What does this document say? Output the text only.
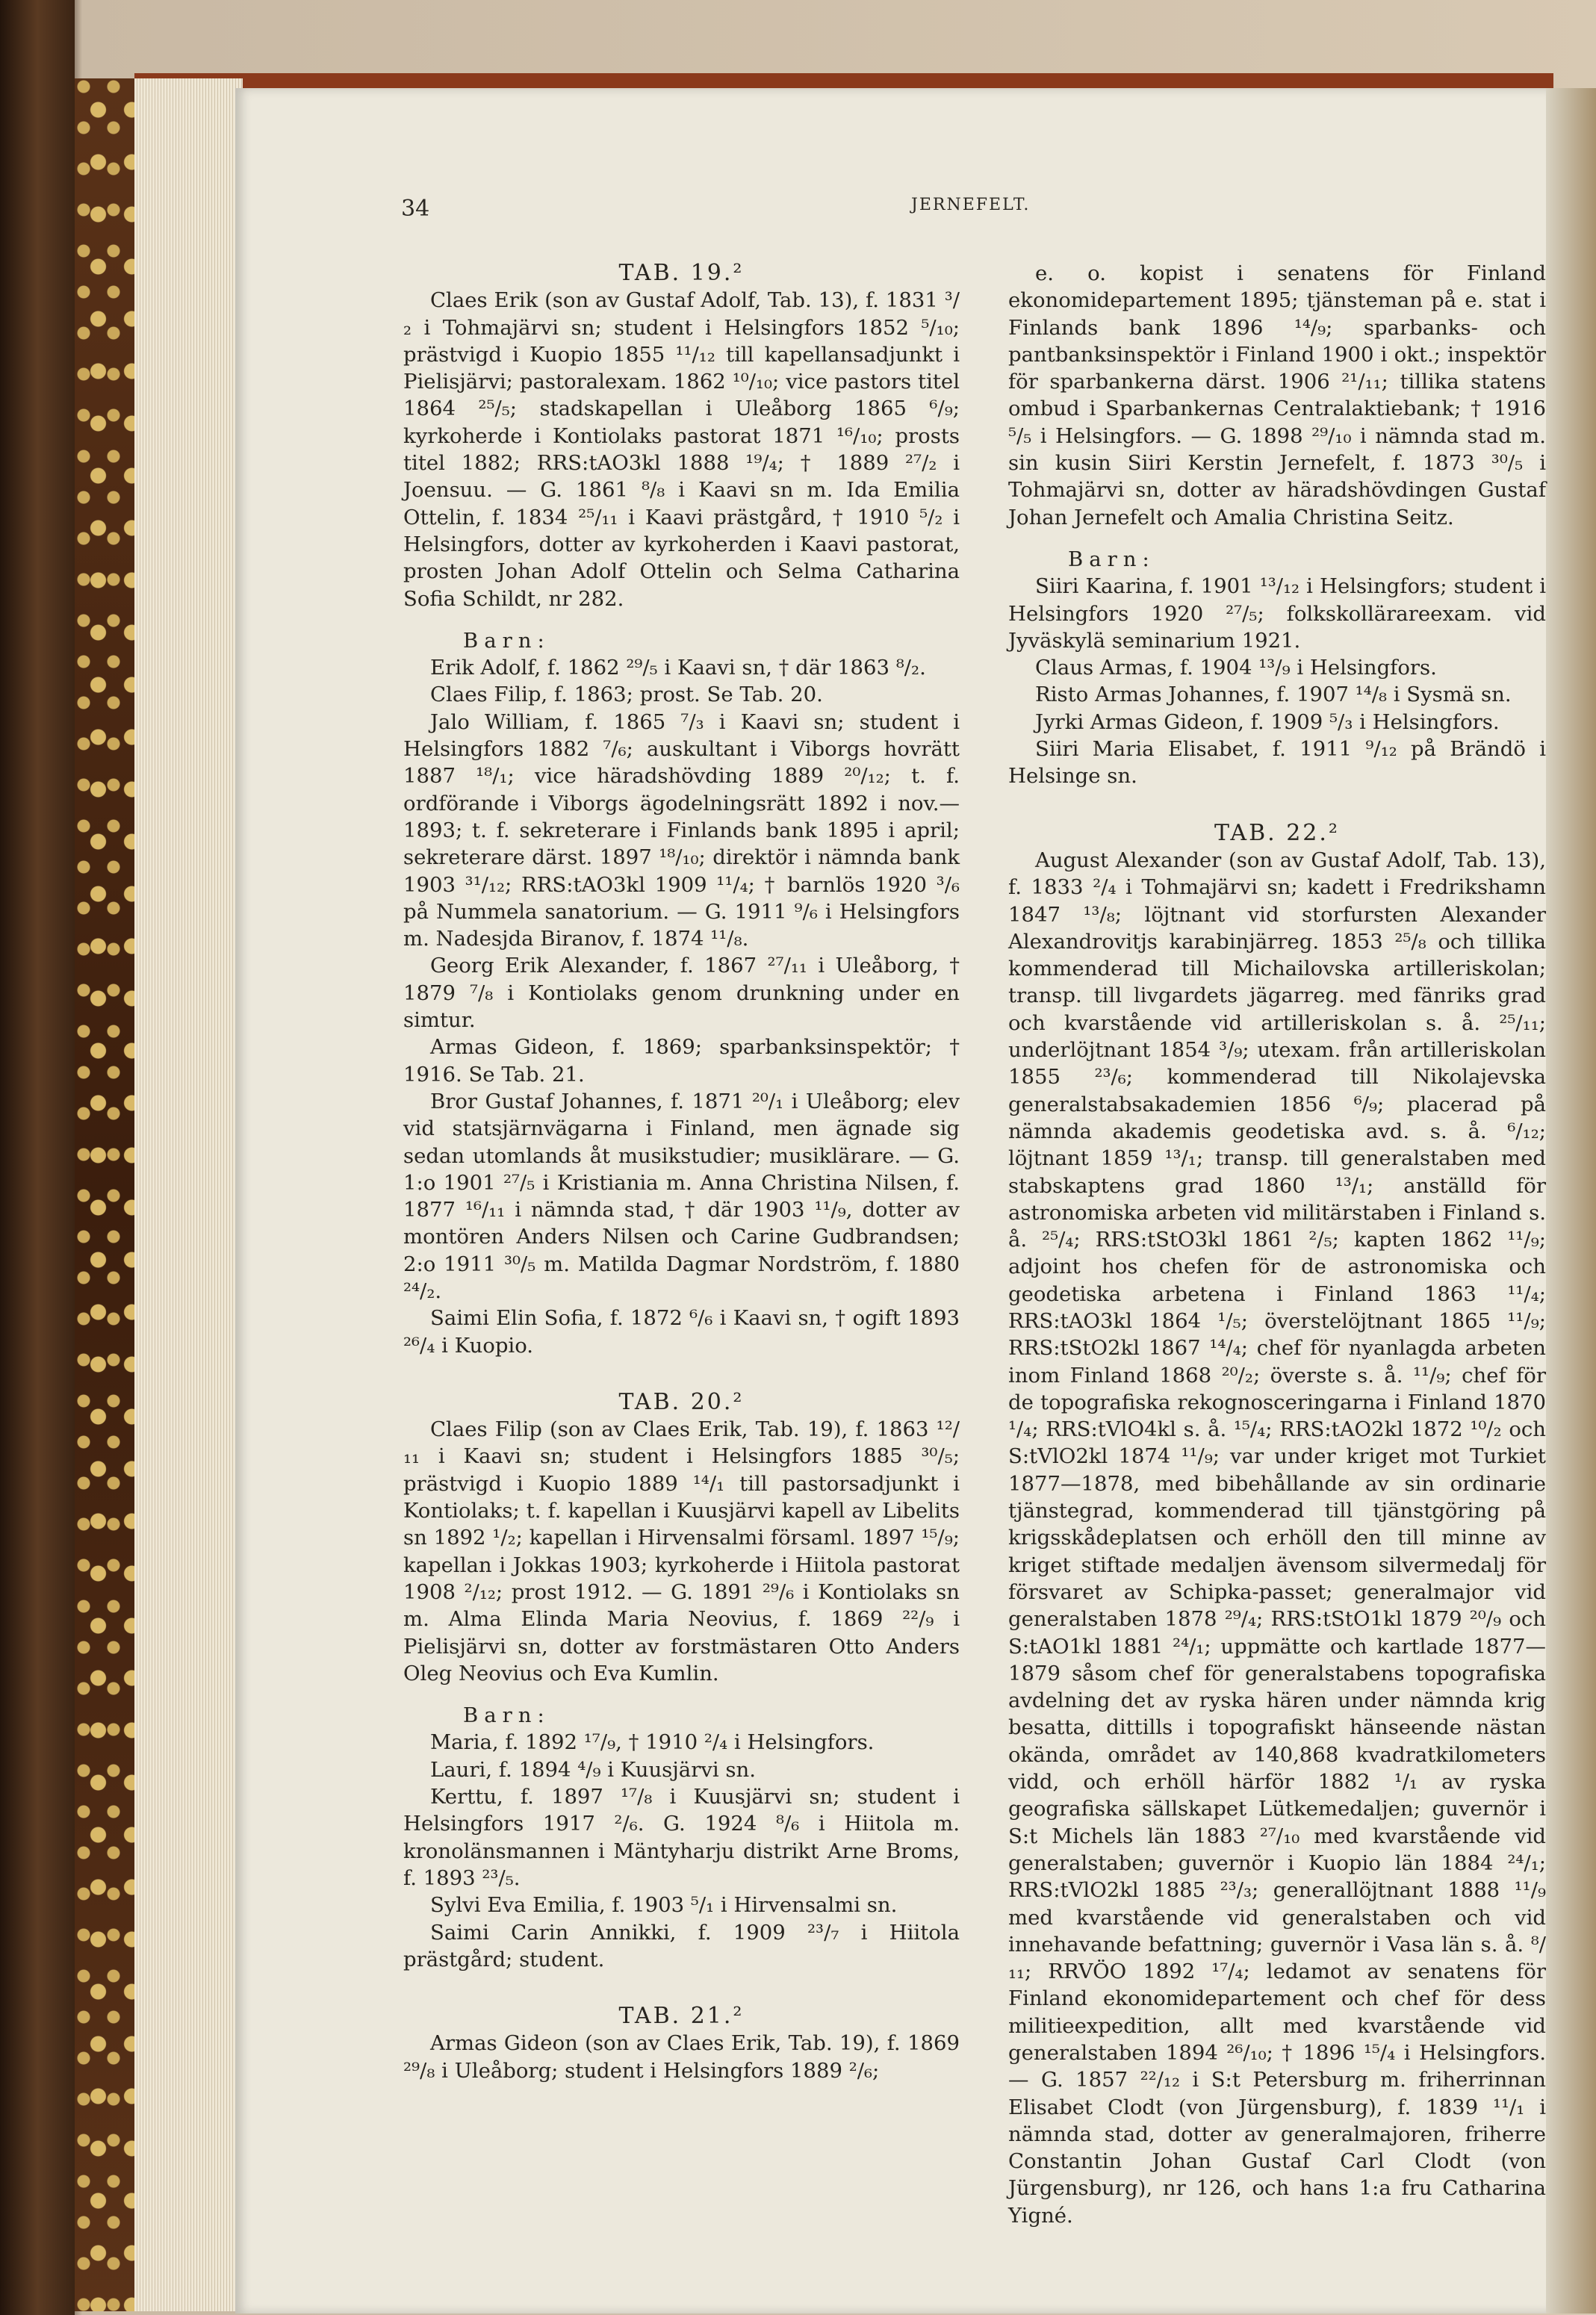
34	JERNEFELT.

TAB. 19.²

Claes Erik (son av Gustaf Adolf, Tab. 13), f. 1831 ³/₂ i Tohmajärvi sn; student i Helsingfors 1852 ⁵/₁₀; prästvigd i Kuopio 1855 ¹¹/₁₂ till kapellansadjunkt i Pielisjärvi; pastoralexam. 1862 ¹⁰/₁₀; vice pastors titel 1864 ²⁵/₅; stadskapellan i Uleåborg 1865 ⁶/₉; kyrkoherde i Kontiolaks pastorat 1871 ¹⁶/₁₀; prosts titel 1882; RRS:tAO3kl 1888 ¹⁹/₄; † 1889 ²⁷/₂ i Joensuu. — G. 1861 ⁸/₈ i Kaavi sn m. Ida Emilia Ottelin, f. 1834 ²⁵/₁₁ i Kaavi prästgård, † 1910 ⁵/₂ i Helsingfors, dotter av kyrkoherden i Kaavi pastorat, prosten Johan Adolf Ottelin och Selma Catharina Sofia Schildt, nr 282.

Barn:

Erik Adolf, f. 1862 ²⁹/₅ i Kaavi sn, † där 1863 ⁸/₂.

Claes Filip, f. 1863; prost. Se Tab. 20.

Jalo William, f. 1865 ⁷/₃ i Kaavi sn; student i Helsingfors 1882 ⁷/₆; auskultant i Viborgs hovrätt 1887 ¹⁸/₁; vice häradshövding 1889 ²⁰/₁₂; t. f. ordförande i Viborgs ägodelningsrätt 1892 i nov.— 1893; t. f. sekreterare i Finlands bank 1895 i april; sekreterare därst. 1897 ¹⁸/₁₀; direktör i nämnda bank 1903 ³¹/₁₂; RRS:tAO3kl 1909 ¹¹/₄; † barnlös 1920 ³/₆ på Nummela sanatorium. — G. 1911 ⁹/₆ i Helsingfors m. Nadesjda Biranov, f. 1874 ¹¹/₈.

Georg Erik Alexander, f. 1867 ²⁷/₁₁ i Uleåborg, † 1879 ⁷/₈ i Kontiolaks genom drunkning under en simtur.

Armas Gideon, f. 1869; sparbanksinspektör; † 1916. Se Tab. 21.

Bror Gustaf Johannes, f. 1871 ²⁰/₁ i Uleåborg; elev vid statsjärnvägarna i Finland, men ägnade sig sedan utomlands åt musikstudier; musiklärare. — G. 1:o 1901 ²⁷/₅ i Kristiania m. Anna Christina Nilsen, f. 1877 ¹⁶/₁₁ i nämnda stad, † där 1903 ¹¹/₉, dotter av montören Anders Nilsen och Carine Gudbrandsen; 2:o 1911 ³⁰/₅ m. Matilda Dagmar Nordström, f. 1880 ²⁴/₂.

Saimi Elin Sofia, f. 1872 ⁶/₆ i Kaavi sn, † ogift 1893 ²⁶/₄ i Kuopio.

TAB. 20.²

Claes Filip (son av Claes Erik, Tab. 19), f. 1863 ¹²/₁₁ i Kaavi sn; student i Helsingfors 1885 ³⁰/₅; prästvigd i Kuopio 1889 ¹⁴/₁ till pastorsadjunkt i Kontiolaks; t. f. kapellan i Kuusjärvi kapell av Libelits sn 1892 ¹/₂; kapellan i Hirvensalmi församl. 1897 ¹⁵/₉; kapellan i Jokkas 1903; kyrkoherde i Hiitola pastorat 1908 ²/₁₂; prost 1912. — G. 1891 ²⁹/₆ i Kontiolaks sn m. Alma Elinda Maria Neovius, f. 1869 ²²/₉ i Pielisjärvi sn, dotter av forstmästaren Otto Anders Oleg Neovius och Eva Kumlin.

Barn:

Maria, f. 1892 ¹⁷/₉, † 1910 ²/₄ i Helsingfors.

Lauri, f. 1894 ⁴/₉ i Kuusjärvi sn.

Kerttu, f. 1897 ¹⁷/₈ i Kuusjärvi sn; student i Helsingfors 1917 ²/₆. G. 1924 ⁸/₆ i Hiitola m. kronolänsmannen i Mäntyharju distrikt Arne Broms, f. 1893 ²³/₅.

Sylvi Eva Emilia, f. 1903 ⁵/₁ i Hirvensalmi sn.

Saimi Carin Annikki, f. 1909 ²³/₇ i Hiitola prästgård; student.

TAB. 21.²

Armas Gideon (son av Claes Erik, Tab. 19), f. 1869 ²⁹/₈ i Uleåborg; student i Helsingfors 1889 ²/₆;

e. o. kopist i senatens för Finland ekonomidepartement 1895; tjänsteman på e. stat i Finlands bank 1896 ¹⁴/₉; sparbanks- och pantbanksinspektör i Finland 1900 i okt.; inspektör för sparbankerna därst. 1906 ²¹/₁₁; tillika statens ombud i Sparbankernas Centralaktiebank; † 1916 ⁵/₅ i Helsingfors. — G. 1898 ²⁹/₁₀ i nämnda stad m. sin kusin Siiri Kerstin Jernefelt, f. 1873 ³⁰/₅ i Tohmajärvi sn, dotter av häradshövdingen Gustaf Johan Jernefelt och Amalia Christina Seitz.

Barn:

Siiri Kaarina, f. 1901 ¹³/₁₂ i Helsingfors; student i Helsingfors 1920 ²⁷/₅; folkskollärareexam. vid Jyväskylä seminarium 1921.

Claus Armas, f. 1904 ¹³/₉ i Helsingfors.

Risto Armas Johannes, f. 1907 ¹⁴/₈ i Sysmä sn.

Jyrki Armas Gideon, f. 1909 ⁵/₃ i Helsingfors.

Siiri Maria Elisabet, f. 1911 ⁹/₁₂ på Brändö i Helsinge sn.

TAB. 22.²

August Alexander (son av Gustaf Adolf, Tab. 13), f. 1833 ²/₄ i Tohmajärvi sn; kadett i Fredrikshamn 1847 ¹³/₈; löjtnant vid storfursten Alexander Alexandrovitjs karabinjärreg. 1853 ²⁵/₈ och tillika kommenderad till Michailovska artilleriskolan; transp. till livgardets jägarreg. med fänriks grad och kvarstående vid artilleriskolan s. å. ²⁵/₁₁; underlöjtnant 1854 ³/₉; utexam. från artilleriskolan 1855 ²³/₆; kommenderad till Nikolajevska generalstabsakademien 1856 ⁶/₉; placerad på nämnda akademis geodetiska avd. s. å. ⁶/₁₂; löjtnant 1859 ¹³/₁; transp. till generalstaben med stabskaptens grad 1860 ¹³/₁; anställd för astronomiska arbeten vid militärstaben i Finland s. å. ²⁵/₄; RRS:tStO3kl 1861 ²/₅; kapten 1862 ¹¹/₉; adjoint hos chefen för de astronomiska och geodetiska arbetena i Finland 1863 ¹¹/₄; RRS:tAO3kl 1864 ¹/₅; överstelöjtnant 1865 ¹¹/₉; RRS:tStO2kl 1867 ¹⁴/₄; chef för nyanlagda arbeten inom Finland 1868 ²⁰/₂; överste s. å. ¹¹/₉; chef för de topografiska rekognosceringarna i Finland 1870 ¹/₄; RRS:tVlO4kl s. å. ¹⁵/₄; RRS:tAO2kl 1872 ¹⁰/₂ och S:tVlO2kl 1874 ¹¹/₉; var under kriget mot Turkiet 1877—1878, med bibehållande av sin ordinarie tjänstegrad, kommenderad till tjänstgöring på krigsskådeplatsen och erhöll den till minne av kriget stiftade medaljen ävensom silvermedalj för försvaret av Schipka-passet; generalmajor vid generalstaben 1878 ²⁹/₄; RRS:tStO1kl 1879 ²⁰/₉ och S:tAO1kl 1881 ²⁴/₁; uppmätte och kartlade 1877—1879 såsom chef för generalstabens topografiska avdelning det av ryska hären under nämnda krig besatta, dittills i topografiskt hänseende nästan okända, området av 140,868 kvadratkilometers vidd, och erhöll härför 1882 ¹/₁ av ryska geografiska sällskapet Lütkemedaljen; guvernör i S:t Michels län 1883 ²⁷/₁₀ med kvarstående vid generalstaben; guvernör i Kuopio län 1884 ²⁴/₁; RRS:tVlO2kl 1885 ²³/₃; generallöjtnant 1888 ¹¹/₉ med kvarstående vid generalstaben och vid innehavande befattning; guvernör i Vasa län s. å. ⁸/₁₁; RRVÖO 1892 ¹⁷/₄; ledamot av senatens för Finland ekonomidepartement och chef för dess militieexpedition, allt med kvarstående vid generalstaben 1894 ²⁶/₁₀; † 1896 ¹⁵/₄ i Helsingfors. — G. 1857 ²²/₁₂ i S:t Petersburg m. friherrinnan Elisabet Clodt (von Jürgensburg), f. 1839 ¹¹/₁ i nämnda stad, dotter av generalmajoren, friherre Constantin Johan Gustaf Carl Clodt (von Jürgensburg), nr 126, och hans 1:a fru Catharina Yigné.
